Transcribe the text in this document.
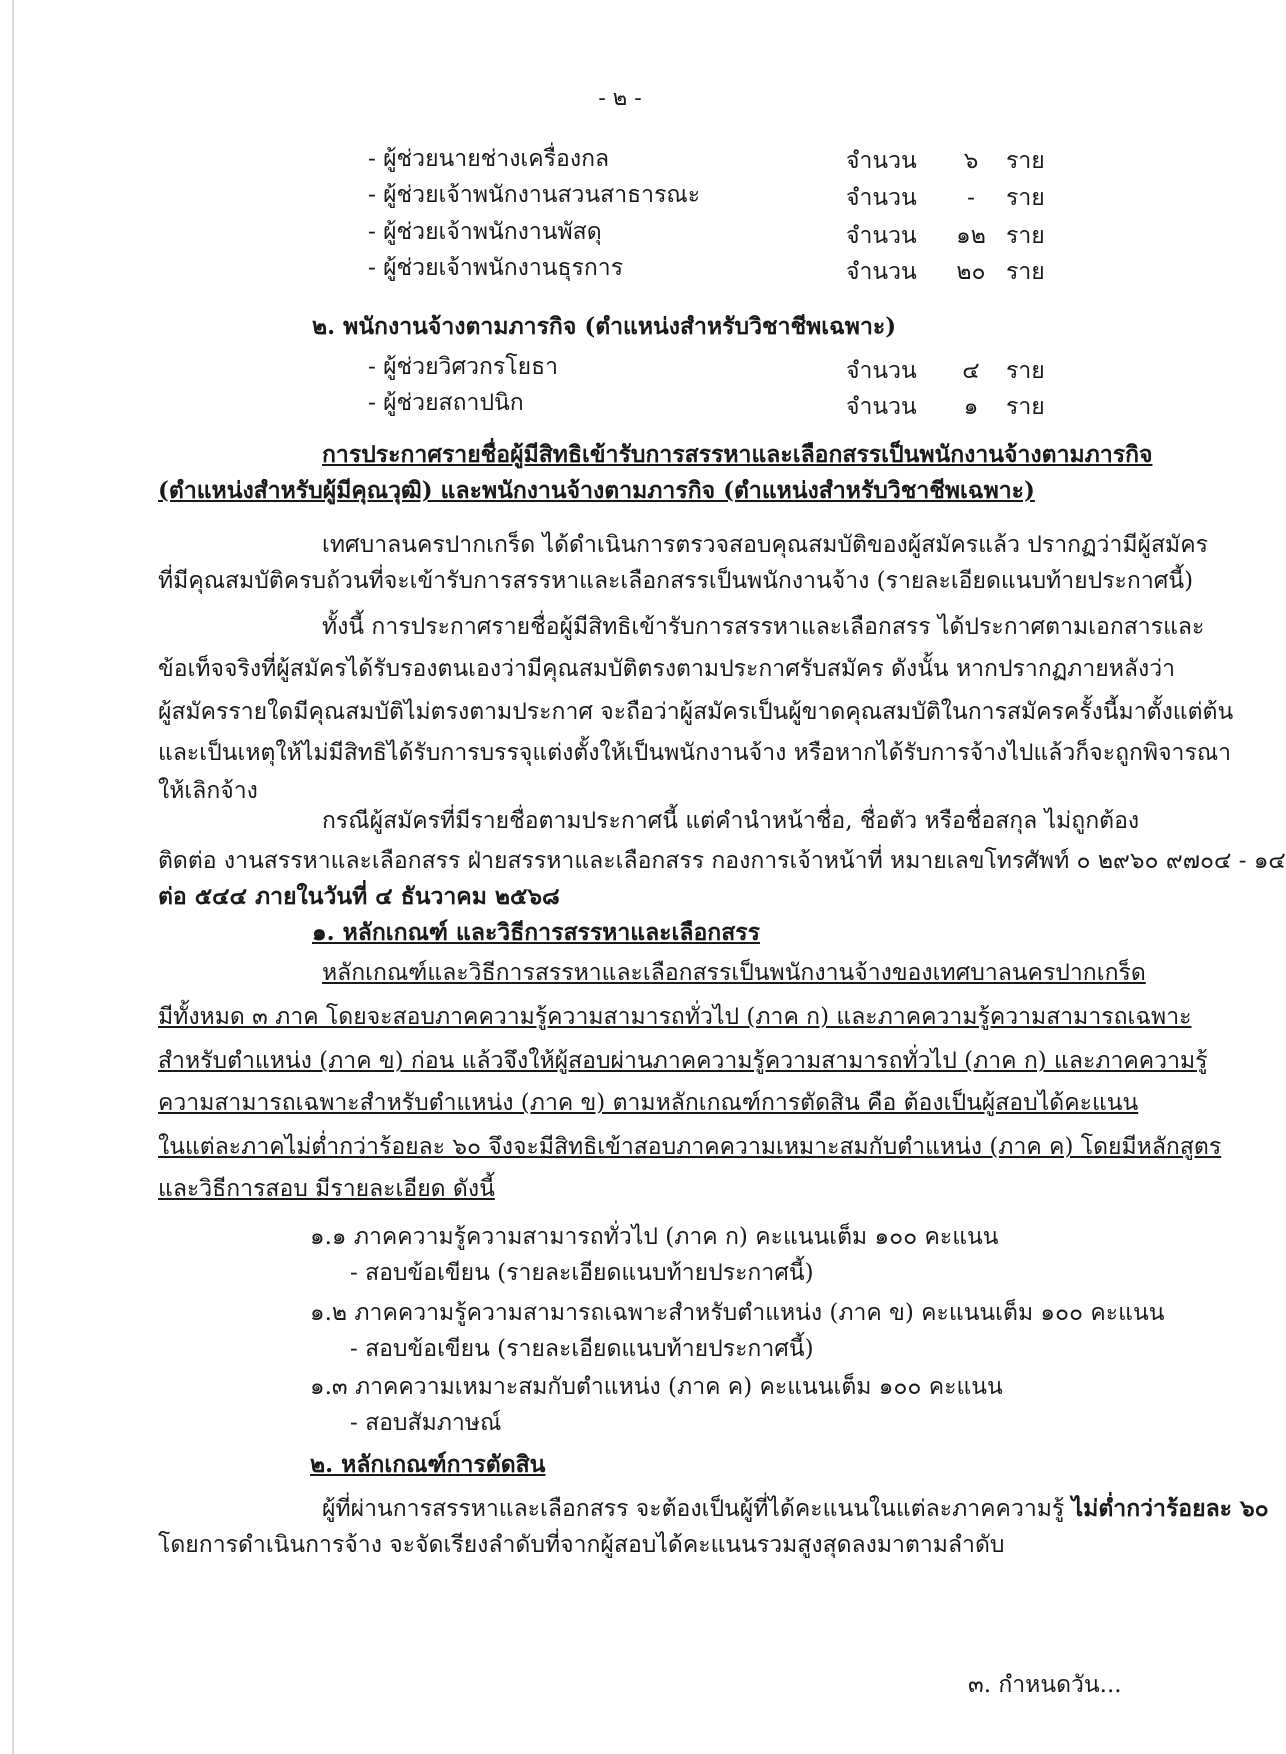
- ๒ -
- ผู้ช่วยนายช่างเครื่องกล	จำนวน ๖ ราย
- ผู้ช่วยเจ้าพนักงานสวนสาธารณะ	จำนวน - ราย
- ผู้ช่วยเจ้าพนักงานพัสดุ	จำนวน ๑๒ ราย
- ผู้ช่วยเจ้าพนักงานธุรการ	จำนวน ๒๐ ราย
๒. พนักงานจ้างตามภารกิจ (ตำแหน่งสำหรับวิชาชีพเฉพาะ)
- ผู้ช่วยวิศวกรโยธา	จำนวน ๔ ราย
- ผู้ช่วยสถาปนิก	จำนวน ๑ ราย
การประกาศรายชื่อผู้มีสิทธิเข้ารับการสรรหาและเลือกสรรเป็นพนักงานจ้างตามภารกิจ
(ตำแหน่งสำหรับผู้มีคุณวุฒิ) และพนักงานจ้างตามภารกิจ (ตำแหน่งสำหรับวิชาชีพเฉพาะ)
เทศบาลนครปากเกร็ด ได้ดำเนินการตรวจสอบคุณสมบัติของผู้สมัครแล้ว ปรากฏว่ามีผู้สมัคร
ที่มีคุณสมบัติครบถ้วนที่จะเข้ารับการสรรหาและเลือกสรรเป็นพนักงานจ้าง (รายละเอียดแนบท้ายประกาศนี้)
ทั้งนี้ การประกาศรายชื่อผู้มีสิทธิเข้ารับการสรรหาและเลือกสรร ได้ประกาศตามเอกสารและ
ข้อเท็จจริงที่ผู้สมัครได้รับรองตนเองว่ามีคุณสมบัติตรงตามประกาศรับสมัคร ดังนั้น หากปรากฏภายหลังว่า
ผู้สมัครรายใดมีคุณสมบัติไม่ตรงตามประกาศ จะถือว่าผู้สมัครเป็นผู้ขาดคุณสมบัติในการสมัครครั้งนี้มาตั้งแต่ต้น
และเป็นเหตุให้ไม่มีสิทธิได้รับการบรรจุแต่งตั้งให้เป็นพนักงานจ้าง หรือหากได้รับการจ้างไปแล้วก็จะถูกพิจารณา
ให้เลิกจ้าง
กรณีผู้สมัครที่มีรายชื่อตามประกาศนี้ แต่คำนำหน้าชื่อ, ชื่อตัว หรือชื่อสกุล ไม่ถูกต้อง
ติดต่อ งานสรรหาและเลือกสรร ฝ่ายสรรหาและเลือกสรร กองการเจ้าหน้าที่ หมายเลขโทรศัพท์ ๐ ๒๙๖๐ ๙๗๐๔ - ๑๔
ต่อ ๕๔๔ ภายในวันที่ ๔ ธันวาคม ๒๕๖๘
๑. หลักเกณฑ์ และวิธีการสรรหาและเลือกสรร
หลักเกณฑ์และวิธีการสรรหาและเลือกสรรเป็นพนักงานจ้างของเทศบาลนครปากเกร็ด
มีทั้งหมด ๓ ภาค โดยจะสอบภาคความรู้ความสามารถทั่วไป (ภาค ก) และภาคความรู้ความสามารถเฉพาะ
สำหรับตำแหน่ง (ภาค ข) ก่อน แล้วจึงให้ผู้สอบผ่านภาคความรู้ความสามารถทั่วไป (ภาค ก) และภาคความรู้
ความสามารถเฉพาะสำหรับตำแหน่ง (ภาค ข) ตามหลักเกณฑ์การตัดสิน คือ ต้องเป็นผู้สอบได้คะแนน
ในแต่ละภาคไม่ต่ำกว่าร้อยละ ๖๐ จึงจะมีสิทธิเข้าสอบภาคความเหมาะสมกับตำแหน่ง (ภาค ค) โดยมีหลักสูตร
และวิธีการสอบ มีรายละเอียด ดังนี้
๑.๑ ภาคความรู้ความสามารถทั่วไป (ภาค ก) คะแนนเต็ม ๑๐๐ คะแนน
- สอบข้อเขียน (รายละเอียดแนบท้ายประกาศนี้)
๑.๒ ภาคความรู้ความสามารถเฉพาะสำหรับตำแหน่ง (ภาค ข) คะแนนเต็ม ๑๐๐ คะแนน
- สอบข้อเขียน (รายละเอียดแนบท้ายประกาศนี้)
๑.๓ ภาคความเหมาะสมกับตำแหน่ง (ภาค ค) คะแนนเต็ม ๑๐๐ คะแนน
- สอบสัมภาษณ์
๒. หลักเกณฑ์การตัดสิน
ผู้ที่ผ่านการสรรหาและเลือกสรร จะต้องเป็นผู้ที่ได้คะแนนในแต่ละภาคความรู้ ไม่ต่ำกว่าร้อยละ ๖๐
โดยการดำเนินการจ้าง จะจัดเรียงลำดับที่จากผู้สอบได้คะแนนรวมสูงสุดลงมาตามลำดับ
๓. กำหนดวัน...
